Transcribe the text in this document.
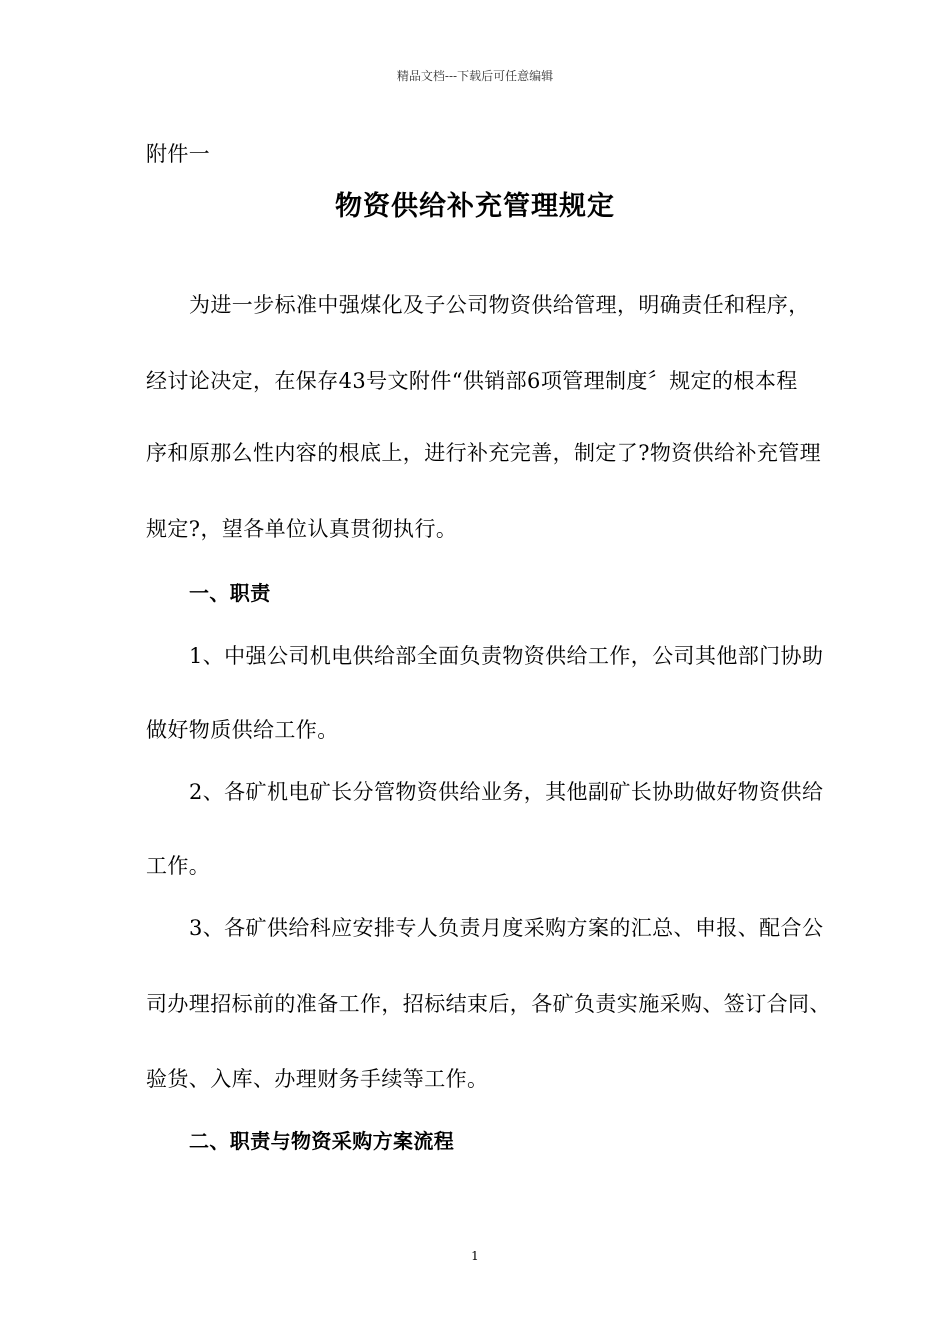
精品文档---下载后可任意编辑
附件一
物资供给补充管理规定
为进一步标准中强煤化及子公司物资供给管理，明确责任和程序，
经讨论决定，在保存43号文附件“供销部6项管理制度〞规定的根本程
序和原那么性内容的根底上，进行补充完善，制定了?物资供给补充管理
规定?，望各单位认真贯彻执行。
一、职责
1、中强公司机电供给部全面负责物资供给工作，公司其他部门协助
做好物质供给工作。
2、各矿机电矿长分管物资供给业务，其他副矿长协助做好物资供给
工作。
3、各矿供给科应安排专人负责月度采购方案的汇总、申报、配合公
司办理招标前的准备工作，招标结束后，各矿负责实施采购、签订合同、
验货、入库、办理财务手续等工作。
二、职责与物资采购方案流程
1
